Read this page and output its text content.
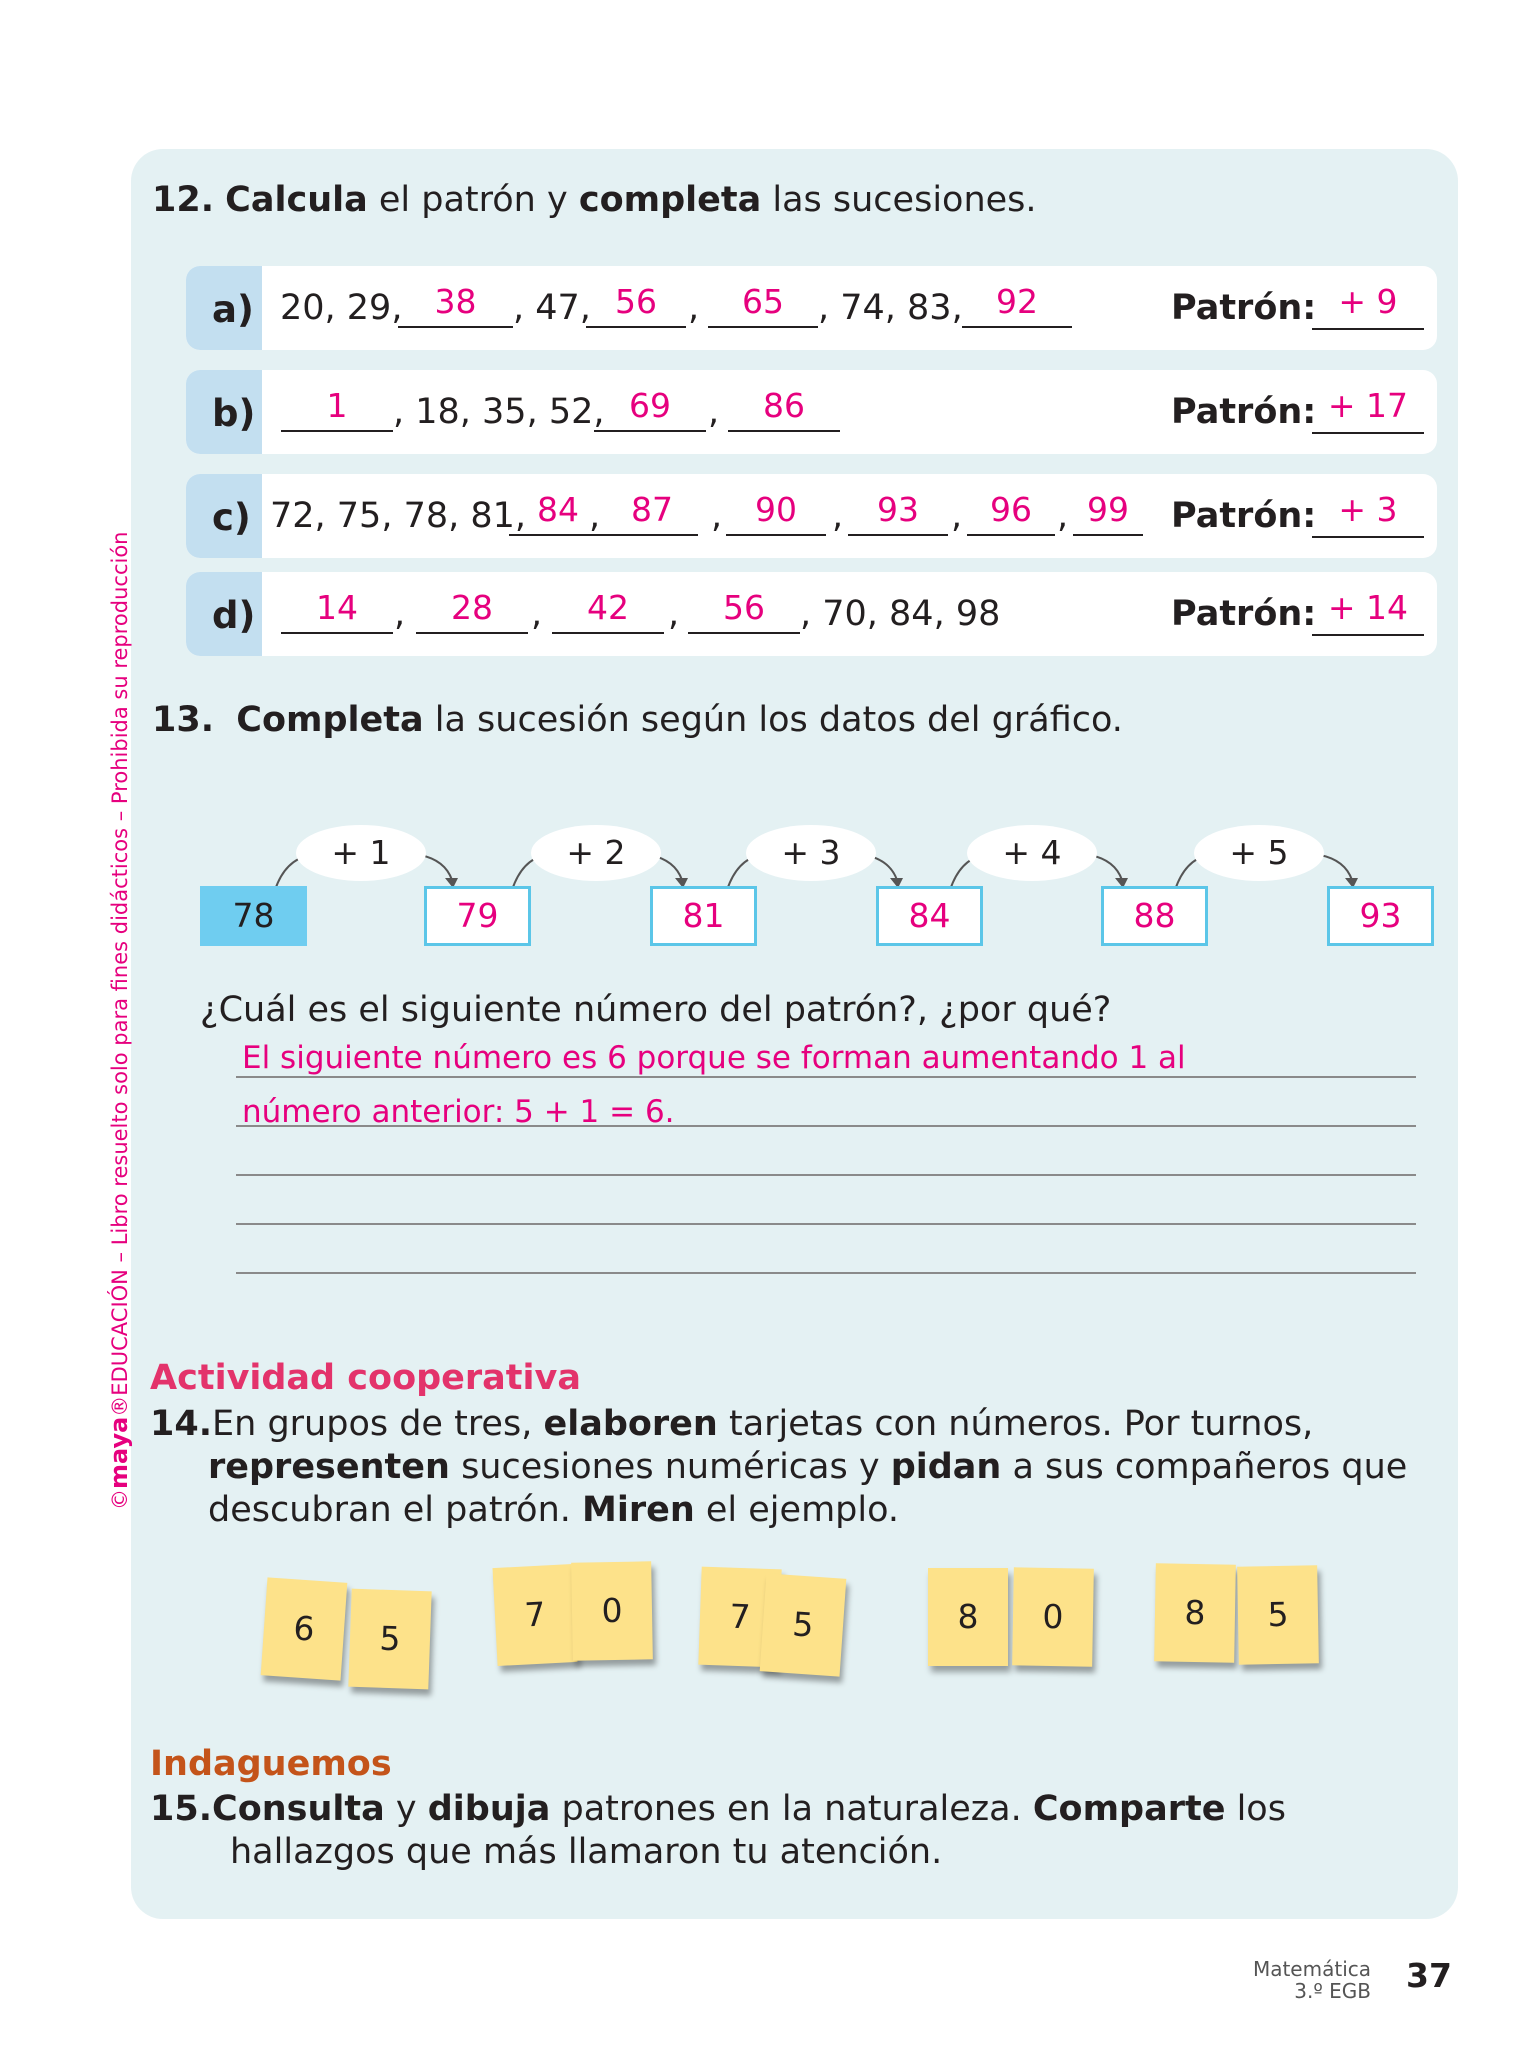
©maya®EDUCACIÓN – Libro resuelto solo para fines didácticos – Prohibida su reproducción
12. Calcula el patrón y completa las sucesiones.
a) 20, 29, 38	, 47, 56 ,	65 , 74, 83,	92	Patrón: + 9
b)	1	, 18, 35, 52, 69	,	86	Patrón: + 17
c) 72, 75, 78, 81, 84 , 87	, 90	,	93 , 96 , 99	Patrón: + 3
d)	14	,	28	,	42	,	56	, 70, 84, 98	Patrón: + 14
13. Completa la sucesión según los datos del gráfico.
+ 1	+ 2	+ 3	+ 4	+ 5
78	79	81	84	88	93
¿Cuál es el siguiente número del patrón?, ¿por qué?
El siguiente número es 6 porque se forman aumentando 1 al
número anterior: 5 + 1 = 6.
Actividad cooperativa
14.En grupos de tres, elaboren tarjetas con números. Por turnos,
representen sucesiones numéricas y pidan a sus compañeros que
descubran el patrón. Miren el ejemplo.
6	5
7	0	7	5	8	0	8	5
Indaguemos
15.Consulta y dibuja patrones en la naturaleza. Comparte los
hallazgos que más llamaron tu atención.
Matemática
3.º EGB 37
